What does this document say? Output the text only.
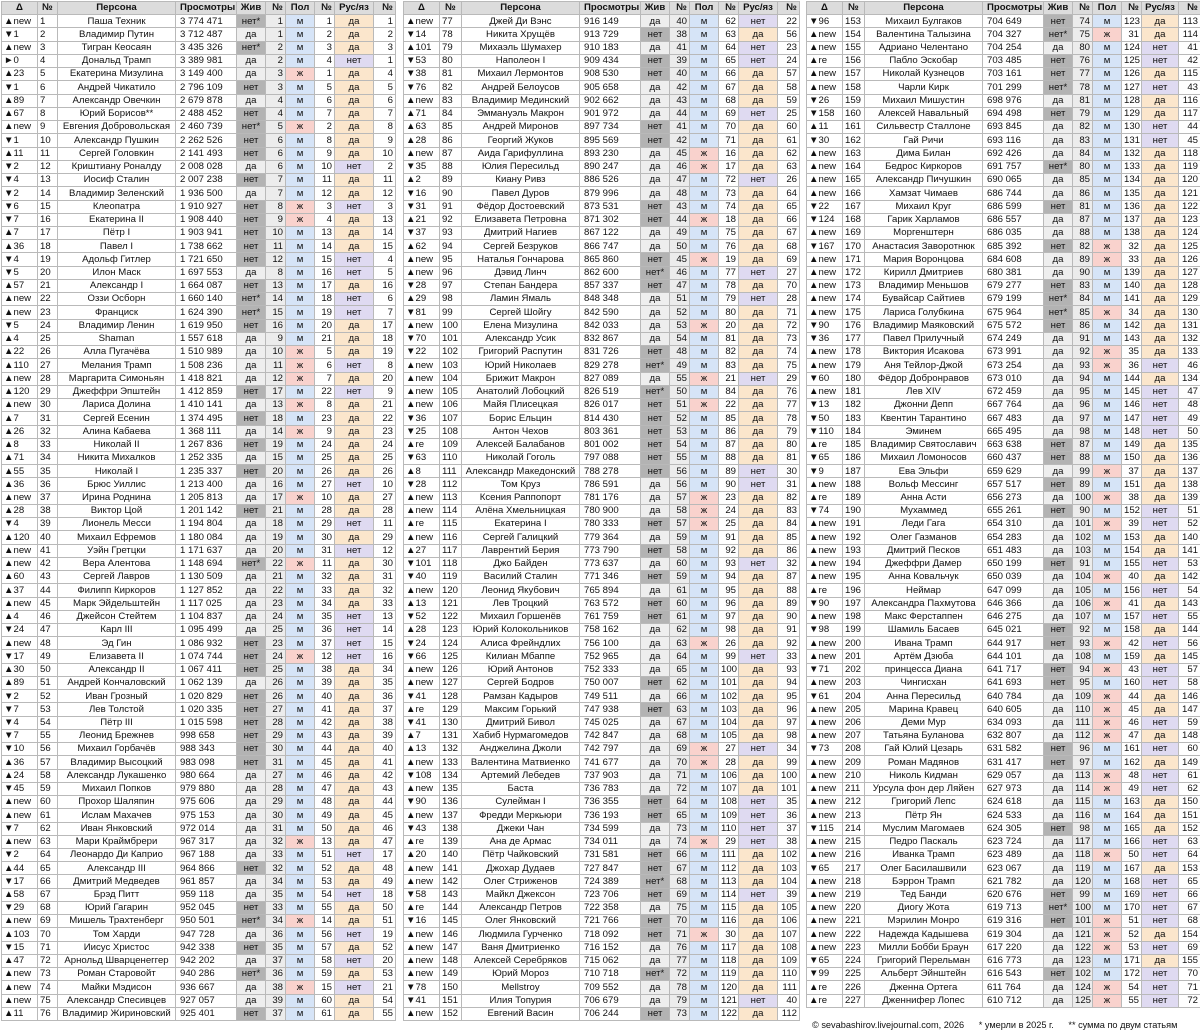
Δ	№	Персона	Просмотры	Жив	№	Пол	№	Рус/яз	№
▲new	1	Паша Техник	3 774 471	нет*	1	м	1	да	1
▼1	2	Владимир Путин	3 712 487	да	1	м	2	да	2
▲new	3	Тигран Кеосаян	3 435 326	нет*	2	м	3	да	3
►0	4	Дональд Трамп	3 389 981	да	2	м	4	нет	1
▲23	5	Екатерина Мизулина	3 149 400	да	3	ж	1	да	4
▼1	6	Андрей Чикатило	2 796 109	нет	3	м	5	да	5
▲89	7	Александр Овечкин	2 679 878	да	4	м	6	да	6
▲67	8	Юрий Борисов**	2 488 452	нет	4	м	7	да	7
▲new	9	Евгения Добровольская	2 460 739	нет*	5	ж	2	да	8
▼1	10	Александр Пушкин	2 262 526	нет	6	м	8	да	9
▲11	11	Сергей Головкин	2 141 493	нет	6	м	9	да	10
▼2	12	Криштиану Роналду	2 008 028	да	6	м	10	нет	2
▼4	13	Иосиф Сталин	2 007 238	нет	7	м	11	да	11
▼2	14	Владимир Зеленский	1 936 500	да	7	м	12	да	12
▼6	15	Клеопатра	1 910 927	нет	8	ж	3	нет	3
▼7	16	Екатерина II	1 908 440	нет	9	ж	4	да	13
▲7	17	Пётр I	1 903 941	нет	10	м	13	да	14
▲36	18	Павел I	1 738 662	нет	11	м	14	да	15
▼4	19	Адольф Гитлер	1 721 650	нет	12	м	15	нет	4
▼5	20	Илон Маск	1 697 553	да	8	м	16	нет	5
▲57	21	Александр I	1 664 087	нет	13	м	17	да	16
▲new	22	Оззи Осборн	1 660 140	нет*	14	м	18	нет	6
▲new	23	Франциск	1 624 390	нет*	15	м	19	нет	7
▼5	24	Владимир Ленин	1 619 950	нет	16	м	20	да	17
▲4	25	Shaman	1 557 618	да	9	м	21	да	18
▲22	26	Алла Пугачёва	1 510 989	да	10	ж	5	да	19
▲110	27	Мелания Трамп	1 508 236	да	11	ж	6	нет	8
▲new	28	Маргарита Симоньян	1 418 821	да	12	ж	7	да	20
▲120	29	Джеффри Эпштейн	1 412 859	нет	17	м	22	нет	9
▲new	30	Лариса Долина	1 410 141	да	13	ж	8	да	21
▲7	31	Сергей Есенин	1 374 495	нет	18	м	23	да	22
▲26	32	Алина Кабаева	1 368 111	да	14	ж	9	да	23
▲8	33	Николай II	1 267 836	нет	19	м	24	да	24
▲71	34	Никита Михалков	1 252 335	да	15	м	25	да	25
▲55	35	Николай I	1 235 337	нет	20	м	26	да	26
▲36	36	Брюс Уиллис	1 213 400	да	16	м	27	нет	10
▲new	37	Ирина Роднина	1 205 813	да	17	ж	10	да	27
▲28	38	Виктор Цой	1 201 142	нет	21	м	28	да	28
▼4	39	Лионель Месси	1 194 804	да	18	м	29	нет	11
▲120	40	Михаил Ефремов	1 180 084	да	19	м	30	да	29
▲new	41	Уэйн Гретцки	1 171 637	да	20	м	31	нет	12
▲new	42	Вера Алентова	1 148 694	нет*	22	ж	11	да	30
▲60	43	Сергей Лавров	1 130 509	да	21	м	32	да	31
▲37	44	Филипп Киркоров	1 127 852	да	22	м	33	да	32
▲new	45	Марк Эйдельштейн	1 117 025	да	23	м	34	да	33
▲4	46	Джейсон Стейтем	1 104 837	да	24	м	35	нет	13
▼24	47	Карл III	1 095 499	да	25	м	36	нет	14
▲new	48	Эд Гин	1 086 932	нет	23	м	37	нет	15
▼17	49	Елизавета II	1 074 744	нет	24	ж	12	нет	16
▲30	50	Александр II	1 067 411	нет	25	м	38	да	34
▲89	51	Андрей Кончаловский	1 062 139	да	26	м	39	да	35
▼2	52	Иван Грозный	1 020 829	нет	26	м	40	да	36
▼7	53	Лев Толстой	1 020 335	нет	27	м	41	да	37
▼4	54	Пётр III	1 015 598	нет	28	м	42	да	38
▼7	55	Леонид Брежнев	998 658	нет	29	м	43	да	39
▼10	56	Михаил Горбачёв	988 343	нет	30	м	44	да	40
▲36	57	Владимир Высоцкий	983 098	нет	31	м	45	да	41
▲24	58	Александр Лукашенко	980 664	да	27	м	46	да	42
▼45	59	Михаил Попков	979 880	да	28	м	47	да	43
▲new	60	Прохор Шаляпин	975 606	да	29	м	48	да	44
▲new	61	Ислам Махачев	975 153	да	30	м	49	да	45
▼7	62	Иван Янковский	972 014	да	31	м	50	да	46
▲new	63	Мари Краймбрери	967 317	да	32	ж	13	да	47
▼2	64	Леонардо Ди Каприо	967 188	да	33	м	51	нет	17
▲44	65	Александр III	964 866	нет	32	м	52	да	48
▼17	66	Дмитрий Медведев	961 857	да	34	м	53	да	49
▲58	67	Брэд Питт	959 118	да	35	м	54	нет	18
▼29	68	Юрий Гагарин	952 045	нет	33	м	55	да	50
▲new	69	Мишель Трахтенберг	950 501	нет*	34	ж	14	да	51
▲103	70	Том Харди	947 728	да	36	м	56	нет	19
▼15	71	Иисус Христос	942 338	нет	35	м	57	да	52
▲47	72	Арнольд Шварценеггер	942 202	да	37	м	58	нет	20
▲new	73	Роман Старовойт	940 286	нет*	36	м	59	да	53
▲new	74	Майки Мэдисон	936 667	да	38	ж	15	нет	21
▲new	75	Александр Спесивцев	927 057	да	39	м	60	да	54
▲11	76	Владимир Жириновский	925 401	нет	37	м	61	да	55
Δ	№	Персона	Просмотры	Жив	№	Пол	№	Рус/яз	№
▲new	77	Джей Ди Вэнс	916 149	да	40	м	62	нет	22
▼14	78	Никита Хрущёв	913 729	нет	38	м	63	да	56
▲101	79	Михаэль Шумахер	910 183	да	41	м	64	нет	23
▼53	80	Наполеон I	909 434	нет	39	м	65	нет	24
▼38	81	Михаил Лермонтов	908 530	нет	40	м	66	да	57
▼76	82	Андрей Белоусов	905 658	да	42	м	67	да	58
▲new	83	Владимир Мединский	902 662	да	43	м	68	да	59
▲71	84	Эммануэль Макрон	901 972	да	44	м	69	нет	25
▲63	85	Андрей Миронов	897 734	нет	41	м	70	да	60
▲28	86	Георгий Жуков	895 569	нет	42	м	71	да	61
▲new	87	Аида Гарифуллина	893 230	да	45	ж	16	да	62
▼35	88	Юлия Пересильд	890 247	да	46	ж	17	да	63
▲2	89	Киану Ривз	886 526	да	47	м	72	нет	26
▼16	90	Павел Дуров	879 996	да	48	м	73	да	64
▼31	91	Фёдор Достоевский	873 531	нет	43	м	74	да	65
▲21	92	Елизавета Петровна	871 302	нет	44	ж	18	да	66
▼37	93	Дмитрий Нагиев	867 122	да	49	м	75	да	67
▲62	94	Сергей Безруков	866 747	да	50	м	76	да	68
▲new	95	Наталья Гончарова	865 860	нет	45	ж	19	да	69
▲new	96	Дэвид Линч	862 600	нет*	46	м	77	нет	27
▼28	97	Степан Бандера	857 337	нет	47	м	78	да	70
▲29	98	Ламин Ямаль	848 348	да	51	м	79	нет	28
▼81	99	Сергей Шойгу	842 590	да	52	м	80	да	71
▲new	100	Елена Мизулина	842 033	да	53	ж	20	да	72
▼70	101	Александр Усик	832 867	да	54	м	81	да	73
▼22	102	Григорий Распутин	831 726	нет	48	м	82	да	74
▲new	103	Юрий Николаев	829 278	нет*	49	м	83	да	75
▲new	104	Брижит Макрон	827 089	да	55	ж	21	нет	29
▲new	105	Анатолий Лобоцкий	826 519	нет*	50	м	84	да	76
▲new	106	Майя Плисецкая	826 017	нет	51	ж	22	да	77
▼36	107	Борис Ельцин	814 430	нет	52	м	85	да	78
▼25	108	Антон Чехов	803 361	нет	53	м	86	да	79
▲re	109	Алексей Балабанов	801 002	нет	54	м	87	да	80
▼63	110	Николай Гоголь	797 088	нет	55	м	88	да	81
▲8	111	Александр Македонский	788 278	нет	56	м	89	нет	30
▼28	112	Том Круз	786 591	да	56	м	90	нет	31
▲new	113	Ксения Раппопорт	781 176	да	57	ж	23	да	82
▲new	114	Алёна Хмельницкая	780 900	да	58	ж	24	да	83
▲re	115	Екатерина I	780 333	нет	57	ж	25	да	84
▲new	116	Сергей Галицкий	779 364	да	59	м	91	да	85
▲27	117	Лаврентий Берия	773 790	нет	58	м	92	да	86
▼101	118	Джо Байден	773 637	да	60	м	93	нет	32
▼40	119	Василий Сталин	771 346	нет	59	м	94	да	87
▲new	120	Леонид Якубович	765 894	да	61	м	95	да	88
▲13	121	Лев Троцкий	763 572	нет	60	м	96	да	89
▼52	122	Михаил Горшенёв	761 759	нет	61	м	97	да	90
▲28	123	Юрий Колокольников	758 162	да	62	м	98	да	91
▼24	124	Алиса Фрейндлих	756 100	да	63	ж	26	да	92
▼66	125	Килиан Мбаппе	752 965	да	64	м	99	нет	33
▲new	126	Юрий Антонов	752 333	да	65	м	100	да	93
▲new	127	Сергей Бодров	750 007	нет	62	м	101	да	94
▼41	128	Рамзан Кадыров	749 511	да	66	м	102	да	95
▲re	129	Максим Горький	747 938	нет	63	м	103	да	96
▼41	130	Дмитрий Бивол	745 025	да	67	м	104	да	97
▲7	131	Хабиб Нурмагомедов	742 847	да	68	м	105	да	98
▲13	132	Анджелина Джоли	742 797	да	69	ж	27	нет	34
▲new	133	Валентина Матвиенко	741 677	да	70	ж	28	да	99
▼108	134	Артемий Лебедев	737 903	да	71	м	106	да	100
▲new	135	Баста	736 783	да	72	м	107	да	101
▼90	136	Сулейман I	736 355	нет	64	м	108	нет	35
▲new	137	Фредди Меркьюри	736 193	нет	65	м	109	нет	36
▼43	138	Джеки Чан	734 599	да	73	м	110	нет	37
▲re	139	Ана де Армас	734 011	да	74	ж	29	нет	38
▲20	140	Пётр Чайковский	731 581	нет	66	м	111	да	102
▲new	141	Джохар Дудаев	727 847	нет	67	м	112	да	103
▲new	142	Олег Стриженов	724 389	нет*	68	м	113	да	104
▼58	143	Майкл Джексон	723 706	нет	69	м	114	нет	39
▲re	144	Александр Петров	722 358	да	75	м	115	да	105
▼16	145	Олег Янковский	721 766	нет	70	м	116	да	106
▲new	146	Людмила Гурченко	718 092	нет	71	ж	30	да	107
▲new	147	Ваня Дмитриенко	716 152	да	76	м	117	да	108
▲new	148	Алексей Серебряков	715 062	да	77	м	118	да	109
▲new	149	Юрий Мороз	710 718	нет*	72	м	119	да	110
▼78	150	Mellstroy	709 552	да	78	м	120	да	111
▼41	151	Илия Топурия	706 679	да	79	м	121	нет	40
▲new	152	Евгений Васин	706 244	нет	73	м	122	да	112
Δ	№	Персона	Просмотры	Жив	№	Пол	№	Рус/яз	№
▼96	153	Михаил Булгаков	704 649	нет	74	м	123	да	113
▲new	154	Валентина Талызина	704 327	нет*	75	ж	31	да	114
▲new	155	Адриано Челентано	704 254	да	80	м	124	нет	41
▲re	156	Пабло Эскобар	703 485	нет	76	м	125	нет	42
▲new	157	Николай Кузнецов	703 161	нет	77	м	126	да	115
▲new	158	Чарли Кирк	701 299	нет*	78	м	127	нет	43
▼26	159	Михаил Мишустин	698 976	да	81	м	128	да	116
▼158	160	Алексей Навальный	694 498	нет	79	м	129	да	117
▲11	161	Сильвестр Сталлоне	693 845	да	82	м	130	нет	44
▼30	162	Гай Ричи	693 116	да	83	м	131	нет	45
▲new	163	Дима Билан	692 426	да	84	м	132	да	118
▲new	164	Бедрос Киркоров	691 757	нет*	80	м	133	да	119
▲new	165	Александр Пичушкин	690 065	да	85	м	134	да	120
▲new	166	Хамзат Чимаев	686 744	да	86	м	135	да	121
▼22	167	Михаил Круг	686 599	нет	81	м	136	да	122
▼124	168	Гарик Харламов	686 557	да	87	м	137	да	123
▲new	169	Моргенштерн	686 035	да	88	м	138	да	124
▼167	170	Анастасия Заворотнюк	685 392	нет	82	ж	32	да	125
▲new	171	Мария Воронцова	684 608	да	89	ж	33	да	126
▲new	172	Кирилл Дмитриев	680 381	да	90	м	139	да	127
▲new	173	Владимир Меньшов	679 277	нет	83	м	140	да	128
▲new	174	Бувайсар Сайтиев	679 199	нет*	84	м	141	да	129
▲new	175	Лариса Голубкина	675 964	нет*	85	ж	34	да	130
▼90	176	Владимир Маяковский	675 572	нет	86	м	142	да	131
▼36	177	Павел Прилучный	674 249	да	91	м	143	да	132
▲new	178	Виктория Исакова	673 991	да	92	ж	35	да	133
▲new	179	Аня Тейлор-Джой	673 254	да	93	ж	36	нет	46
▼60	180	Фёдор Добронравов	673 010	да	94	м	144	да	134
▲new	181	Лев XIV	672 459	да	95	м	145	нет	47
▼13	182	Джонни Депп	667 764	да	96	м	146	нет	48
▼50	183	Квентин Тарантино	667 483	да	97	м	147	нет	49
▼110	184	Эминем	665 495	да	98	м	148	нет	50
▲re	185	Владимир Святославич	663 638	нет	87	м	149	да	135
▼65	186	Михаил Ломоносов	660 437	нет	88	м	150	да	136
▼9	187	Ева Эльфи	659 629	да	99	ж	37	да	137
▲new	188	Вольф Мессинг	657 517	нет	89	м	151	да	138
▲re	189	Анна Асти	656 273	да	100	ж	38	да	139
▼74	190	Мухаммед	655 261	нет	90	м	152	нет	51
▲new	191	Леди Гага	654 310	да	101	ж	39	нет	52
▲new	192	Олег Газманов	654 283	да	102	м	153	да	140
▲new	193	Дмитрий Песков	651 483	да	103	м	154	да	141
▲new	194	Джеффри Дамер	650 199	нет	91	м	155	нет	53
▲new	195	Анна Ковальчук	650 039	да	104	ж	40	да	142
▲re	196	Неймар	647 099	да	105	м	156	нет	54
▼90	197	Александра Пахмутова	646 366	да	106	ж	41	да	143
▲new	198	Макс Ферстаппен	646 275	да	107	м	157	нет	55
▼98	199	Шамиль Басаев	645 021	нет	92	м	158	да	144
▲new	200	Ивана Трамп	644 917	нет	93	ж	42	нет	56
▲new	201	Артём Дзюба	644 101	да	108	м	159	да	145
▼71	202	принцесса Диана	641 717	нет	94	ж	43	нет	57
▲new	203	Чингисхан	641 693	нет	95	м	160	нет	58
▼61	204	Анна Пересильд	640 784	да	109	ж	44	да	146
▲new	205	Марина Кравец	640 605	да	110	ж	45	да	147
▲new	206	Деми Мур	634 093	да	111	ж	46	нет	59
▲new	207	Татьяна Буланова	632 807	да	112	ж	47	да	148
▼73	208	Гай Юлий Цезарь	631 582	нет	96	м	161	нет	60
▲new	209	Роман Мадянов	631 417	нет	97	м	162	да	149
▲new	210	Николь Кидман	629 057	да	113	ж	48	нет	61
▲new	211	Урсула фон дер Ляйен	627 973	да	114	ж	49	нет	62
▲new	212	Григорий Лепс	624 618	да	115	м	163	да	150
▲new	213	Пётр Ян	624 533	да	116	м	164	да	151
▼115	214	Муслим Магомаев	624 305	нет	98	м	165	да	152
▲new	215	Педро Паскаль	623 724	да	117	м	166	нет	63
▲new	216	Иванка Трамп	623 489	да	118	ж	50	нет	64
▼65	217	Олег Басилашвили	623 067	да	119	м	167	да	153
▲new	218	Бэррон Трамп	621 782	да	120	м	168	нет	65
▲new	219	Тед Банди	620 676	нет	99	м	169	нет	66
▲new	220	Диогу Жота	619 713	нет*	100	м	170	нет	67
▲new	221	Мэрилин Монро	619 316	нет	101	ж	51	нет	68
▲new	222	Надежда Кадышева	619 304	да	121	ж	52	да	154
▲new	223	Милли Бобби Браун	617 220	да	122	ж	53	нет	69
▼65	224	Григорий Перельман	616 773	да	123	м	171	да	155
▼99	225	Альберт Эйнштейн	616 543	нет	102	м	172	нет	70
▲re	226	Дженна Ортега	611 764	да	124	ж	54	нет	71
▲re	227	Дженнифер Лопес	610 712	да	125	ж	55	нет	72
© sevabashirov.livejournal.com, 2026 * умерли в 2025 г. ** сумма по двум статьям
